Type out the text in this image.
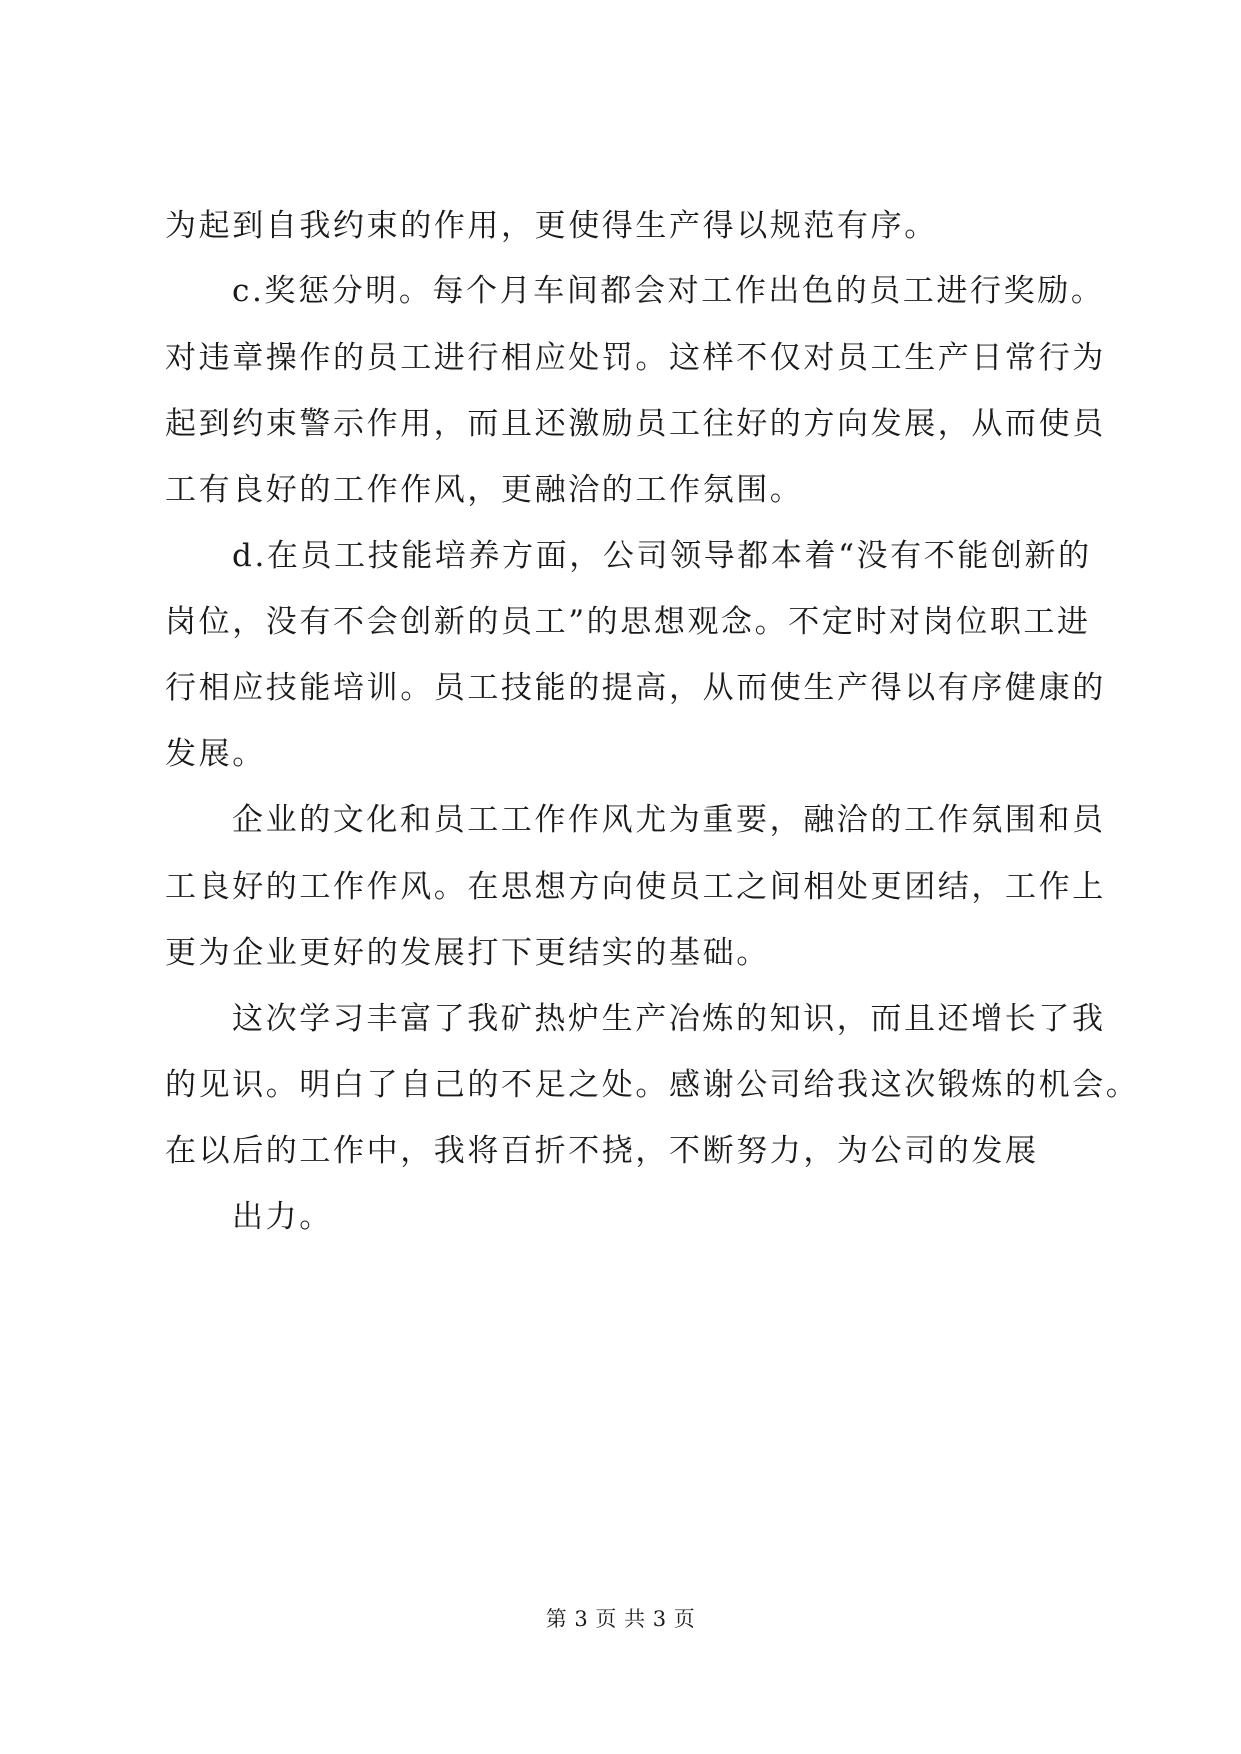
为起到自我约束的作用，更使得生产得以规范有序。
c.奖惩分明。每个月车间都会对工作出色的员工进行奖励。
对违章操作的员工进行相应处罚。这样不仅对员工生产日常行为
起到约束警示作用，而且还激励员工往好的方向发展，从而使员
工有良好的工作作风，更融洽的工作氛围。
d.在员工技能培养方面，公司领导都本着“没有不能创新的
岗位，没有不会创新的员工”的思想观念。不定时对岗位职工进
行相应技能培训。员工技能的提高，从而使生产得以有序健康的
发展。
企业的文化和员工工作作风尤为重要，融洽的工作氛围和员
工良好的工作作风。在思想方向使员工之间相处更团结，工作上
更为企业更好的发展打下更结实的基础。
这次学习丰富了我矿热炉生产冶炼的知识，而且还增长了我
的见识。明白了自己的不足之处。感谢公司给我这次锻炼的机会。
在以后的工作中，我将百折不挠，不断努力，为公司的发展
出力。
第 3 页 共 3 页
